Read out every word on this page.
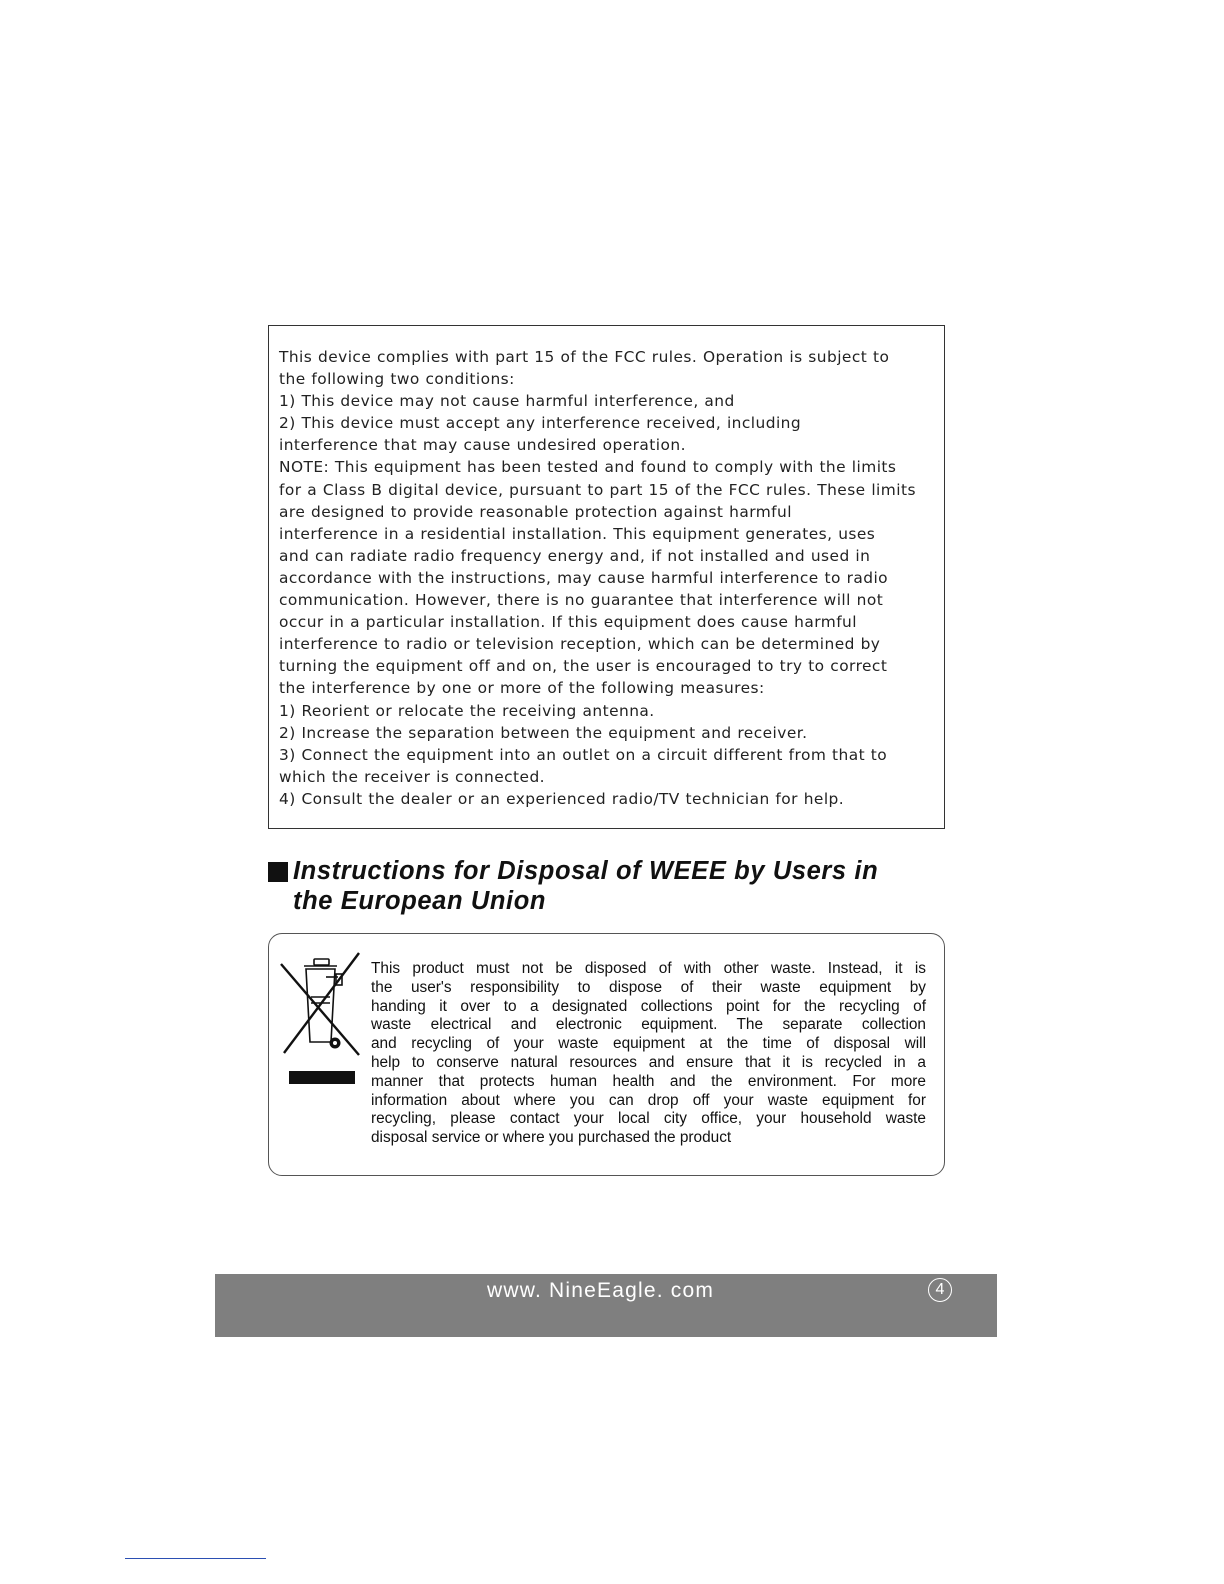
This device complies with part 15 of the FCC rules. Operation is subject to
the following two conditions:
1) This device may not cause harmful interference, and
2) This device must accept any interference received, including
interference that may cause undesired operation.
NOTE: This equipment has been tested and found to comply with the limits
for a Class B digital device, pursuant to part 15 of the FCC rules. These limits
are designed to provide reasonable protection against harmful
interference in a residential installation. This equipment generates, uses
and can radiate radio frequency energy and, if not installed and used in
accordance with the instructions, may cause harmful interference to radio
communication. However, there is no guarantee that interference will not
occur in a particular installation. If this equipment does cause harmful
interference to radio or television reception, which can be determined by
turning the equipment off and on, the user is encouraged to try to correct
the interference by one or more of the following measures:
1) Reorient or relocate the receiving antenna.
2) Increase the separation between the equipment and receiver.
3) Connect the equipment into an outlet on a circuit different from that to
which the receiver is connected.
4) Consult the dealer or an experienced radio/TV technician for help.
Instructions for Disposal of WEEE by Users in
the European Union
This product must not be disposed of with other waste. Instead, it is
the user's responsibility to dispose of their waste equipment by
handing it over to a designated collections point for the recycling of
waste electrical and electronic equipment. The separate collection
and recycling of your waste equipment at the time of disposal will
help to conserve natural resources and ensure that it is recycled in a
manner that protects human health and the environment. For more
information about where you can drop off your waste equipment for
recycling, please contact your local city office, your household waste
disposal service or where you purchased the product
www. NineEagle. com	4
